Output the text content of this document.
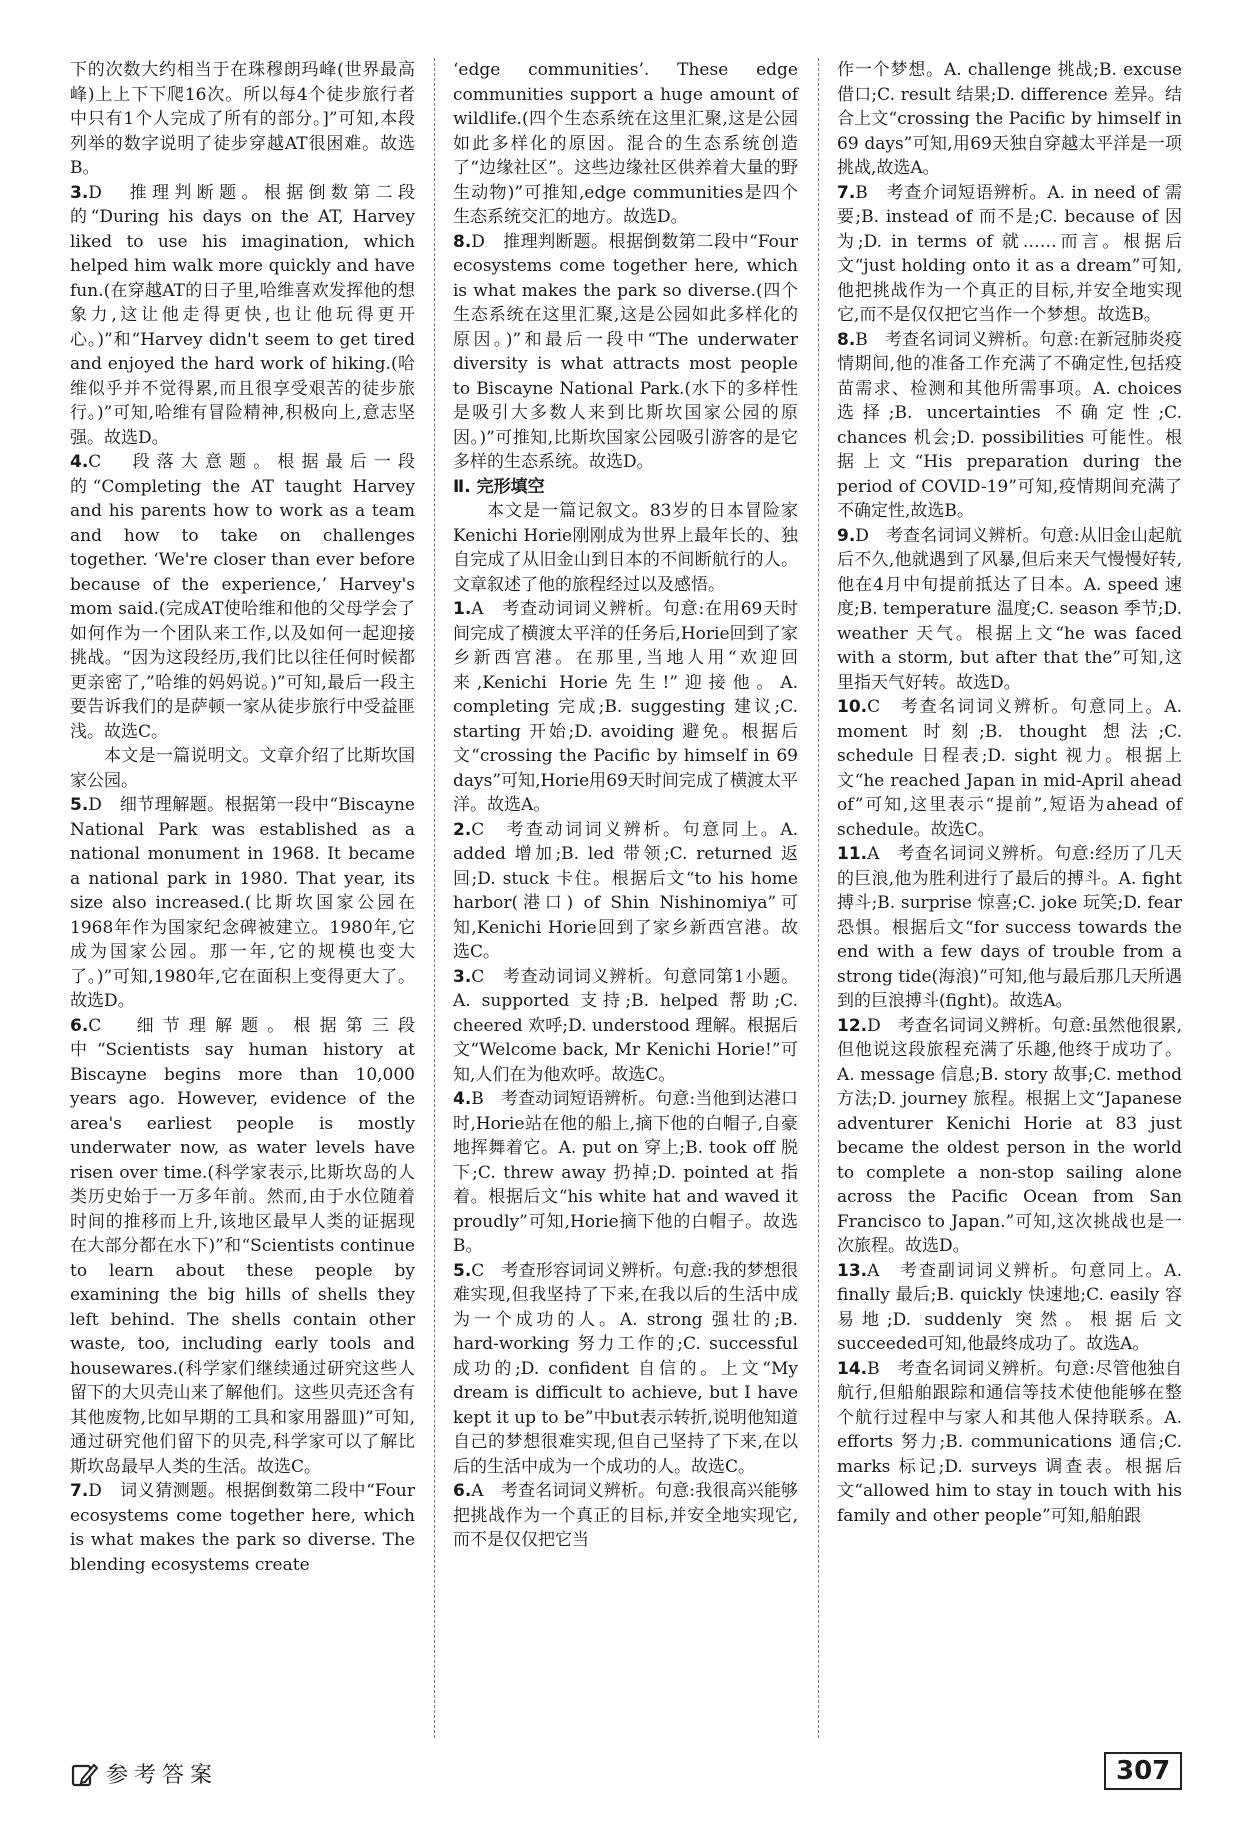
下的次数大约相当于在珠穆朗玛峰(世界最高峰)上上下下爬16次。所以每4个徒步旅行者中只有1个人完成了所有的部分。]”可知,本段列举的数字说明了徒步穿越AT很困难。故选B。

3.D　推理判断题。根据倒数第二段的“During his days on the AT, Harvey liked to use his imagination, which helped him walk more quickly and have fun.(在穿越AT的日子里,哈维喜欢发挥他的想象力,这让他走得更快,也让他玩得更开心。)”和“Harvey didn't seem to get tired and enjoyed the hard work of hiking.(哈维似乎并不觉得累,而且很享受艰苦的徒步旅行。)”可知,哈维有冒险精神,积极向上,意志坚强。故选D。

4.C　段落大意题。根据最后一段的“Completing the AT taught Harvey and his parents how to work as a team and how to take on challenges together. ‘We're closer than ever before because of the experience,’ Harvey's mom said.(完成AT使哈维和他的父母学会了如何作为一个团队来工作,以及如何一起迎接挑战。“因为这段经历,我们比以往任何时候都更亲密了,”哈维的妈妈说。)”可知,最后一段主要告诉我们的是萨顿一家从徒步旅行中受益匪浅。故选C。

本文是一篇说明文。文章介绍了比斯坎国家公园。

5.D　细节理解题。根据第一段中“Biscayne National Park was established as a national monument in 1968. It became a national park in 1980. That year, its size also increased.(比斯坎国家公园在1968年作为国家纪念碑被建立。1980年,它成为国家公园。那一年,它的规模也变大了。)”可知,1980年,它在面积上变得更大了。故选D。

6.C　细节理解题。根据第三段中“Scientists say human history at Biscayne begins more than 10,000 years ago. However, evidence of the area's earliest people is mostly underwater now, as water levels have risen over time.(科学家表示,比斯坎岛的人类历史始于一万多年前。然而,由于水位随着时间的推移而上升,该地区最早人类的证据现在大部分都在水下)”和“Scientists continue to learn about these people by examining the big hills of shells they left behind. The shells contain other waste, too, including early tools and housewares.(科学家们继续通过研究这些人留下的大贝壳山来了解他们。这些贝壳还含有其他废物,比如早期的工具和家用器皿)”可知,通过研究他们留下的贝壳,科学家可以了解比斯坎岛最早人类的生活。故选C。

7.D　词义猜测题。根据倒数第二段中“Four ecosystems come together here, which is what makes the park so diverse. The blending ecosystems create

‘edge communities’. These edge communities support a huge amount of wildlife.(四个生态系统在这里汇聚,这是公园如此多样化的原因。混合的生态系统创造了“边缘社区”。这些边缘社区供养着大量的野生动物)”可推知,edge communities是四个生态系统交汇的地方。故选D。

8.D　推理判断题。根据倒数第二段中“Four ecosystems come together here, which is what makes the park so diverse.(四个生态系统在这里汇聚,这是公园如此多样化的原因。)”和最后一段中“The underwater diversity is what attracts most people to Biscayne National Park.(水下的多样性是吸引大多数人来到比斯坎国家公园的原因。)”可推知,比斯坎国家公园吸引游客的是它多样的生态系统。故选D。

Ⅱ. 完形填空

本文是一篇记叙文。83岁的日本冒险家Kenichi Horie刚刚成为世界上最年长的、独自完成了从旧金山到日本的不间断航行的人。文章叙述了他的旅程经过以及感悟。

1.A　考查动词词义辨析。句意:在用69天时间完成了横渡太平洋的任务后,Horie回到了家乡新西宫港。在那里,当地人用“欢迎回来,Kenichi Horie先生!”迎接他。A. completing 完成;B. suggesting 建议;C. starting 开始;D. avoiding 避免。根据后文“crossing the Pacific by himself in 69 days”可知,Horie用69天时间完成了横渡太平洋。故选A。

2.C　考查动词词义辨析。句意同上。A. added 增加;B. led 带领;C. returned 返回;D. stuck 卡住。根据后文“to his home harbor(港口) of Shin Nishinomiya”可知,Kenichi Horie回到了家乡新西宫港。故选C。

3.C　考查动词词义辨析。句意同第1小题。A. supported 支持;B. helped 帮助;C. cheered 欢呼;D. understood 理解。根据后文“Welcome back, Mr Kenichi Horie!”可知,人们在为他欢呼。故选C。

4.B　考查动词短语辨析。句意:当他到达港口时,Horie站在他的船上,摘下他的白帽子,自豪地挥舞着它。A. put on 穿上;B. took off 脱下;C. threw away 扔掉;D. pointed at 指着。根据后文“his white hat and waved it proudly”可知,Horie摘下他的白帽子。故选B。

5.C　考查形容词词义辨析。句意:我的梦想很难实现,但我坚持了下来,在我以后的生活中成为一个成功的人。A. strong 强壮的;B. hard-working 努力工作的;C. successful 成功的;D. confident 自信的。上文“My dream is difficult to achieve, but I have kept it up to be”中but表示转折,说明他知道自己的梦想很难实现,但自己坚持了下来,在以后的生活中成为一个成功的人。故选C。

6.A　考查名词词义辨析。句意:我很高兴能够把挑战作为一个真正的目标,并安全地实现它,而不是仅仅把它当

作一个梦想。A. challenge 挑战;B. excuse 借口;C. result 结果;D. difference 差异。结合上文“crossing the Pacific by himself in 69 days”可知,用69天独自穿越太平洋是一项挑战,故选A。

7.B　考查介词短语辨析。A. in need of 需要;B. instead of 而不是;C. because of 因为;D. in terms of 就……而言。根据后文“just holding onto it as a dream”可知,他把挑战作为一个真正的目标,并安全地实现它,而不是仅仅把它当作一个梦想。故选B。

8.B　考查名词词义辨析。句意:在新冠肺炎疫情期间,他的准备工作充满了不确定性,包括疫苗需求、检测和其他所需事项。A. choices 选择;B. uncertainties 不确定性;C. chances 机会;D. possibilities 可能性。根据上文“His preparation during the period of COVID-19”可知,疫情期间充满了不确定性,故选B。

9.D　考查名词词义辨析。句意:从旧金山起航后不久,他就遇到了风暴,但后来天气慢慢好转,他在4月中旬提前抵达了日本。A. speed 速度;B. temperature 温度;C. season 季节;D. weather 天气。根据上文“he was faced with a storm, but after that the”可知,这里指天气好转。故选D。

10.C　考查名词词义辨析。句意同上。A. moment 时刻;B. thought 想法;C. schedule 日程表;D. sight 视力。根据上文“he reached Japan in mid-April ahead of”可知,这里表示“提前”,短语为ahead of schedule。故选C。

11.A　考查名词词义辨析。句意:经历了几天的巨浪,他为胜利进行了最后的搏斗。A. fight 搏斗;B. surprise 惊喜;C. joke 玩笑;D. fear 恐惧。根据后文“for success towards the end with a few days of trouble from a strong tide(海浪)”可知,他与最后那几天所遇到的巨浪搏斗(fight)。故选A。

12.D　考查名词词义辨析。句意:虽然他很累,但他说这段旅程充满了乐趣,他终于成功了。A. message 信息;B. story 故事;C. method 方法;D. journey 旅程。根据上文“Japanese adventurer Kenichi Horie at 83 just became the oldest person in the world to complete a non-stop sailing alone across the Pacific Ocean from San Francisco to Japan.”可知,这次挑战也是一次旅程。故选D。

13.A　考查副词词义辨析。句意同上。A. finally 最后;B. quickly 快速地;C. easily 容易地;D. suddenly 突然。根据后文succeeded可知,他最终成功了。故选A。

14.B　考查名词词义辨析。句意:尽管他独自航行,但船舶跟踪和通信等技术使他能够在整个航行过程中与家人和其他人保持联系。A. efforts 努力;B. communications 通信;C. marks 标记;D. surveys 调查表。根据后文“allowed him to stay in touch with his family and other people”可知,船舶跟

参考答案	307
